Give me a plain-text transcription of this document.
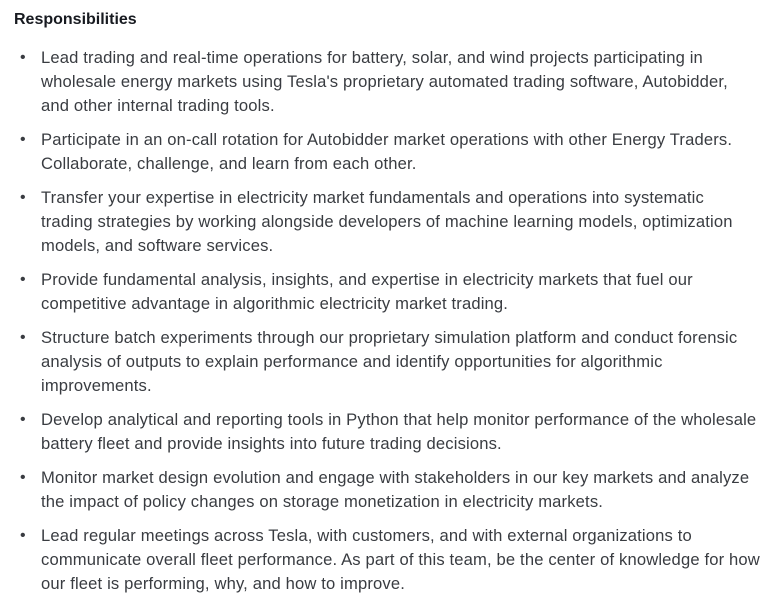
Responsibilities
• Lead trading and real-time operations for battery, solar, and wind projects participating in wholesale energy markets using Tesla's proprietary automated trading software, Autobidder, and other internal trading tools.
• Participate in an on-call rotation for Autobidder market operations with other Energy Traders. Collaborate, challenge, and learn from each other.
• Transfer your expertise in electricity market fundamentals and operations into systematic trading strategies by working alongside developers of machine learning models, optimization models, and software services.
• Provide fundamental analysis, insights, and expertise in electricity markets that fuel our competitive advantage in algorithmic electricity market trading.
• Structure batch experiments through our proprietary simulation platform and conduct forensic analysis of outputs to explain performance and identify opportunities for algorithmic improvements.
• Develop analytical and reporting tools in Python that help monitor performance of the wholesale battery fleet and provide insights into future trading decisions.
• Monitor market design evolution and engage with stakeholders in our key markets and analyze the impact of policy changes on storage monetization in electricity markets.
• Lead regular meetings across Tesla, with customers, and with external organizations to communicate overall fleet performance. As part of this team, be the center of knowledge for how our fleet is performing, why, and how to improve.
